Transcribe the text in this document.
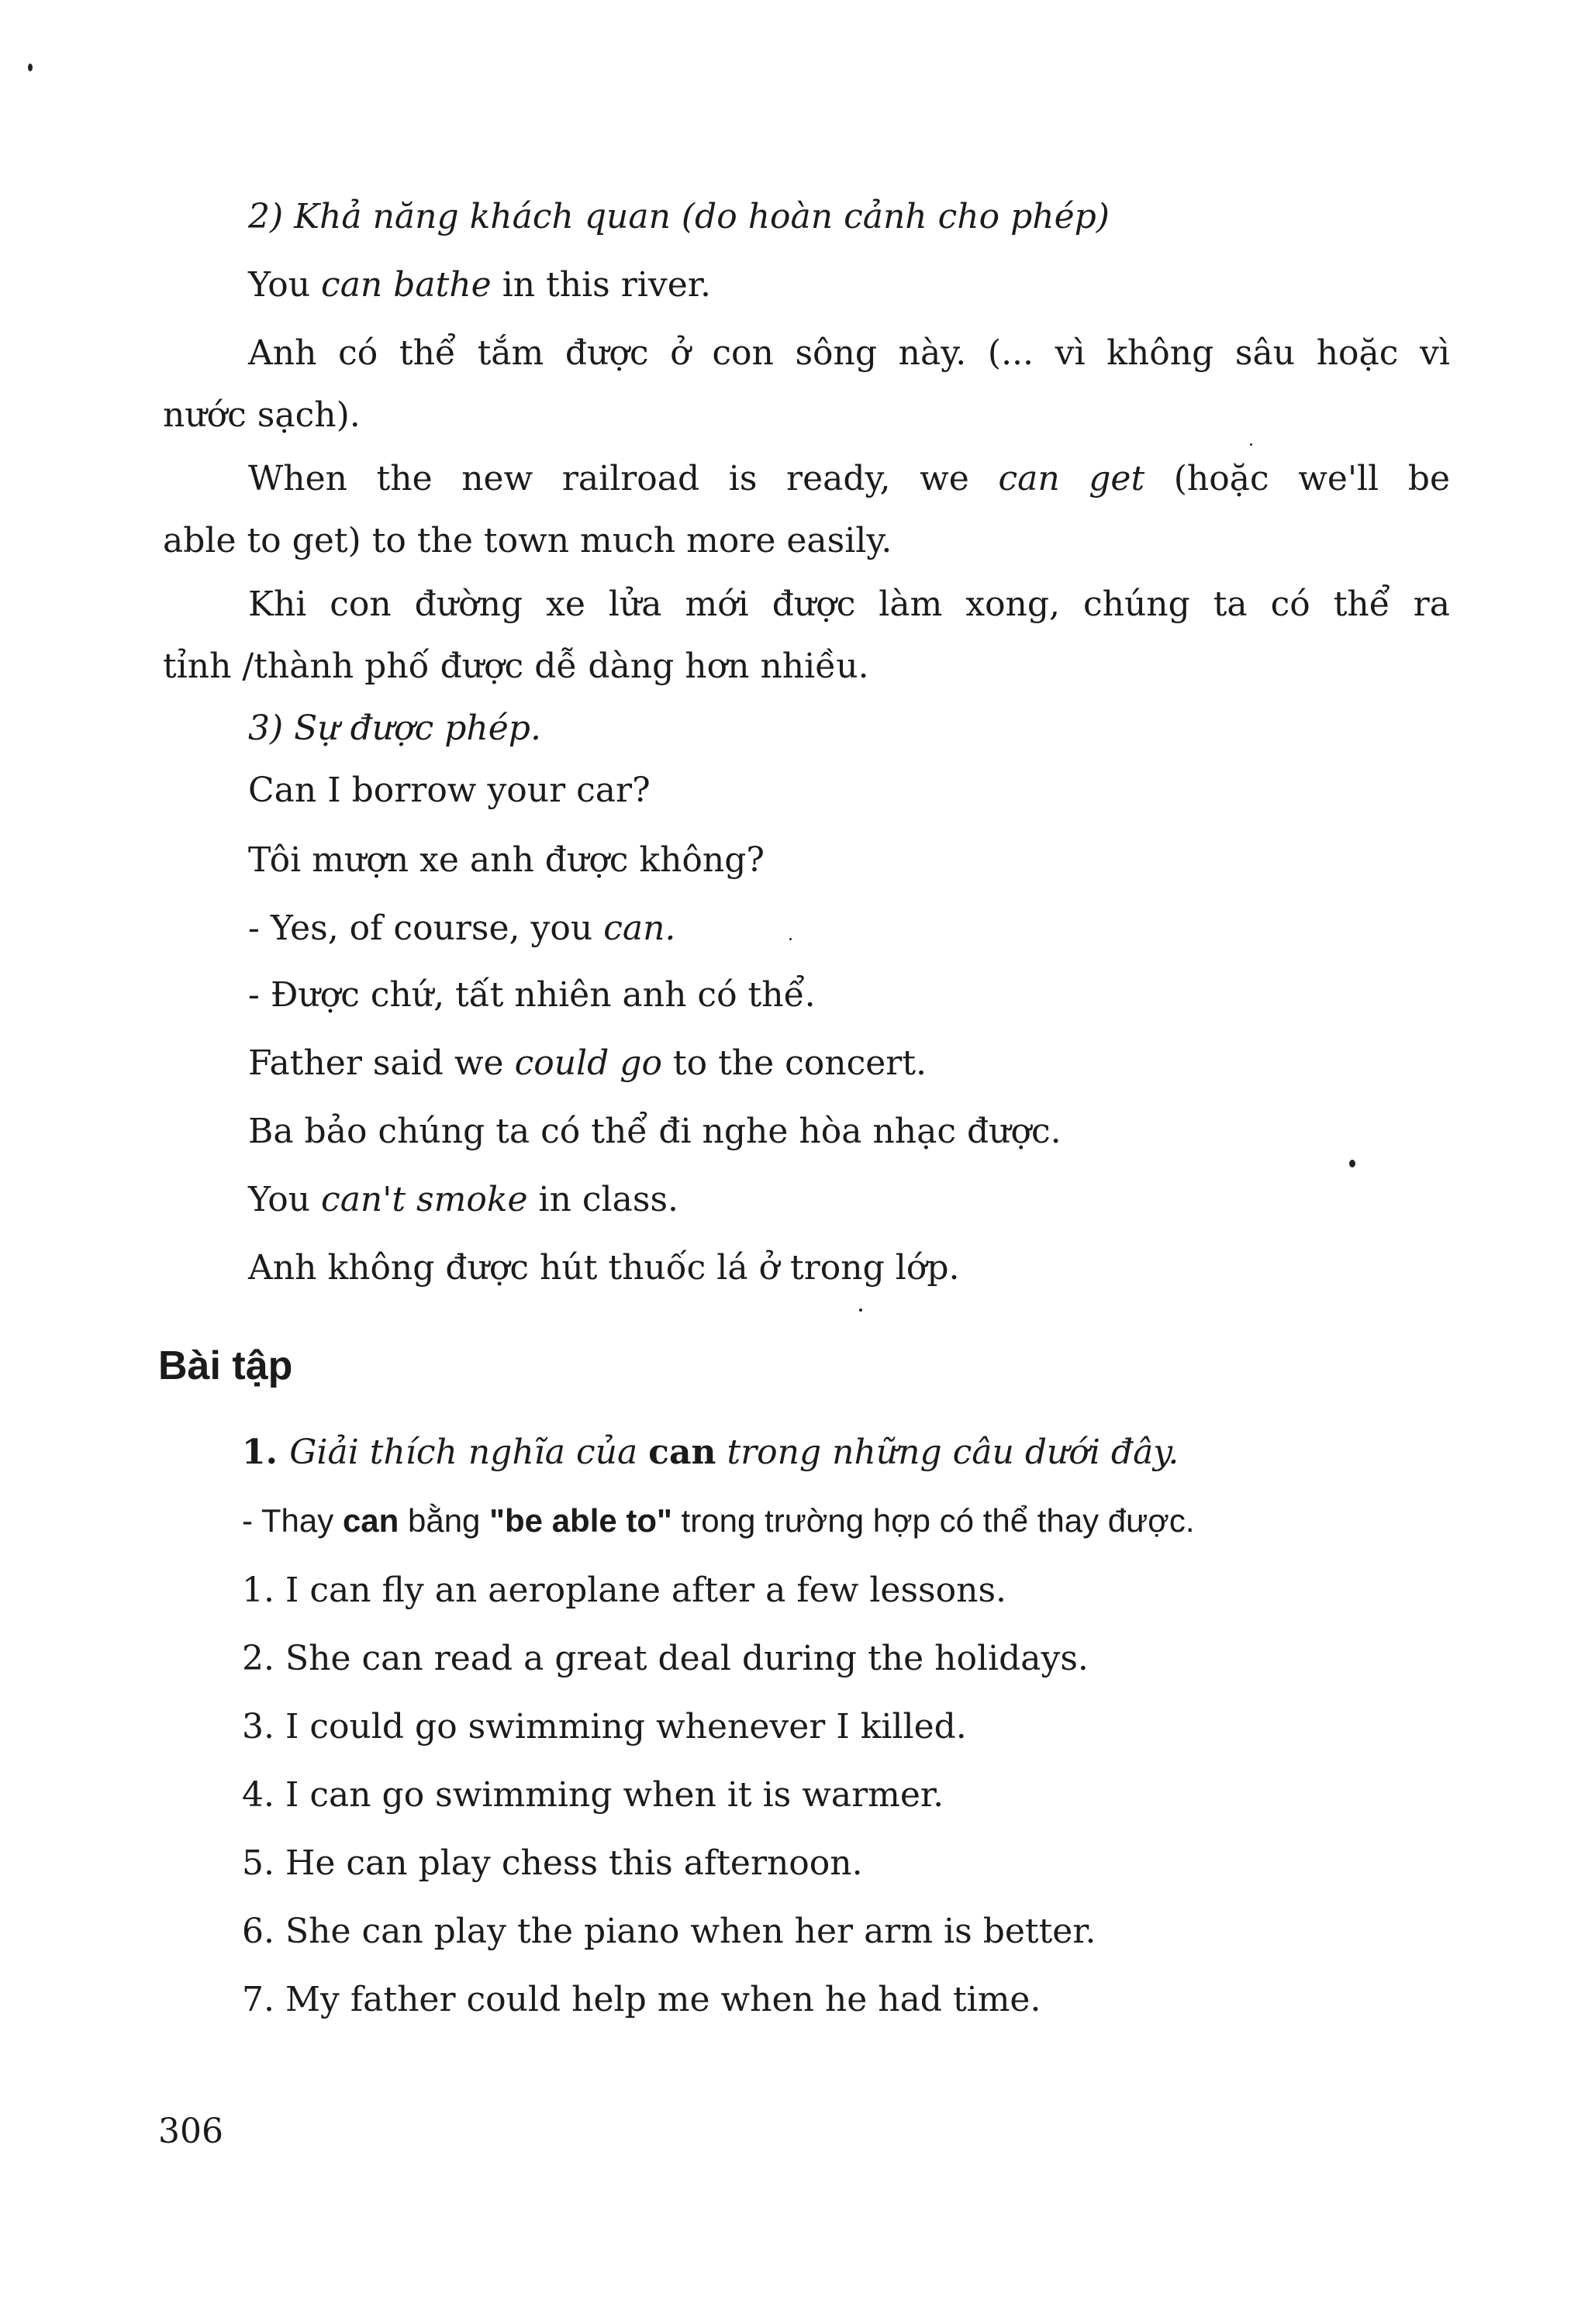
2) Khả năng khách quan (do hoàn cảnh cho phép)
You can bathe in this river.
Anh có thể tắm được ở con sông này. (... vì không sâu hoặc vì
nước sạch).
When the new railroad is ready, we can get (hoặc we'll be
able to get) to the town much more easily.
Khi con đường xe lửa mới được làm xong, chúng ta có thể ra
tỉnh /thành phố được dễ dàng hơn nhiều.
3) Sự được phép.
Can I borrow your car?
Tôi mượn xe anh được không?
- Yes, of course, you can.
- Được chứ, tất nhiên anh có thể.
Father said we could go to the concert.
Ba bảo chúng ta có thể đi nghe hòa nhạc được.
You can't smoke in class.
Anh không được hút thuốc lá ở trong lớp.
Bài tập
1. Giải thích nghĩa của can trong những câu dưới đây.
- Thay can bằng "be able to" trong trường hợp có thể thay được.
1. I can fly an aeroplane after a few lessons.
2. She can read a great deal during the holidays.
3. I could go swimming whenever I killed.
4. I can go swimming when it is warmer.
5. He can play chess this afternoon.
6. She can play the piano when her arm is better.
7. My father could help me when he had time.
306
